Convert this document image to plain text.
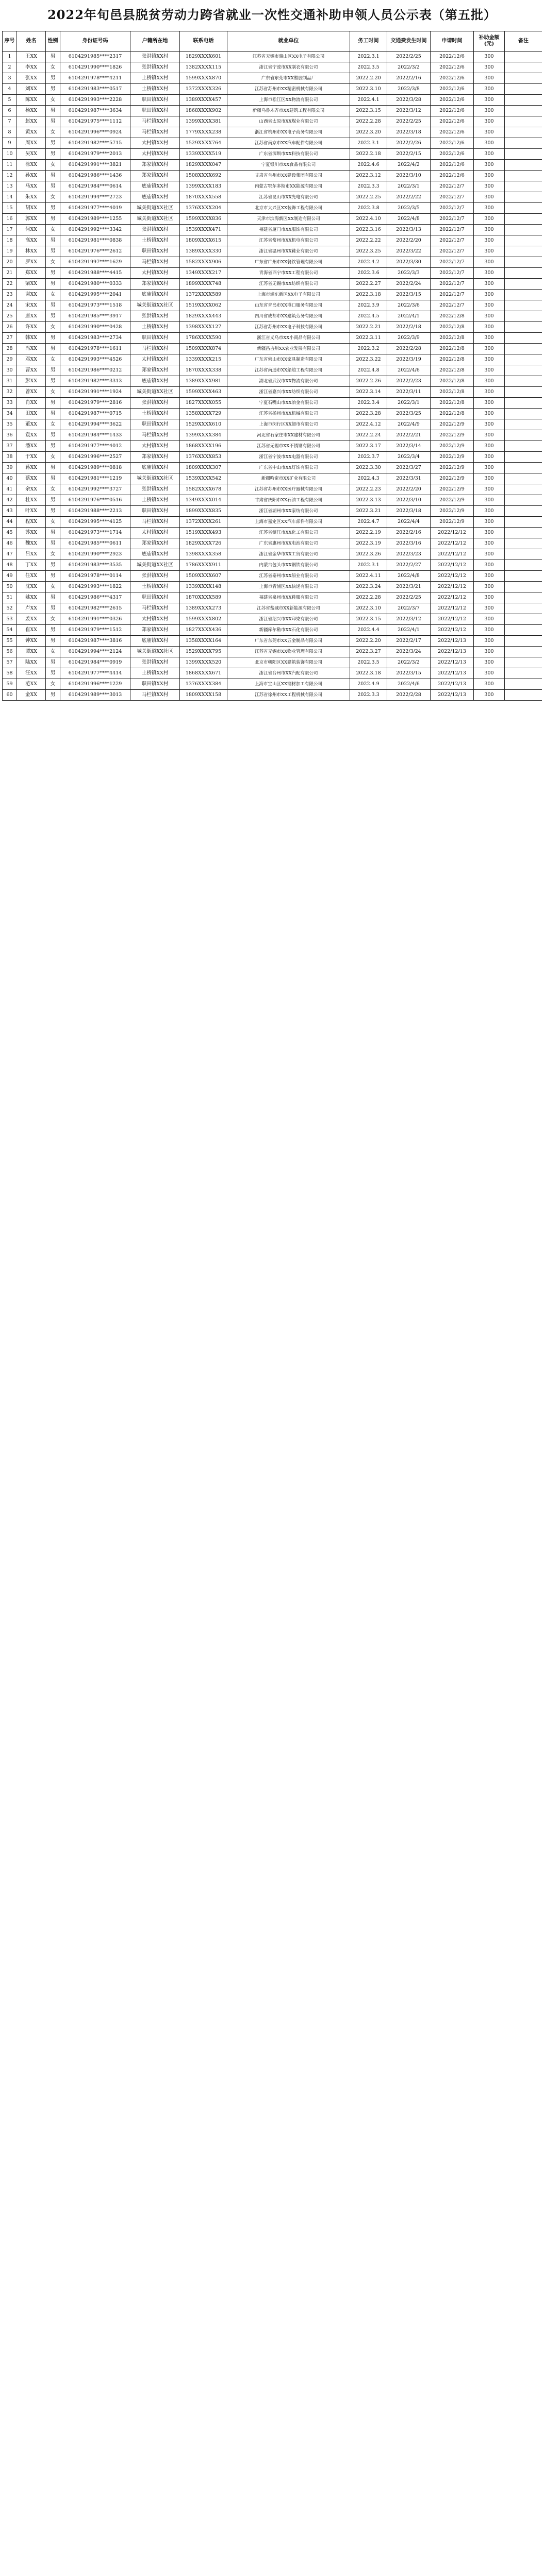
2022年旬邑县脱贫劳动力跨省就业一次性交通补助申领人员公示表（第五批）
序号	姓名	性别	身份证号码	户籍所在地	联系电话	就业单位	务工时间	交通费发生时间	申请时间	补助金额(元)	备注
1	王XX	男	6104291985****2317	张洪镇XX村	1829XXXX601	江苏省无锡市惠山区XX电子有限公司	2022.3.1	2022/2/25	2022/12/6	300	
2	李XX	女	6104291990****1826	张洪镇XX村	1382XXXX115	浙江省宁波市XX制衣有限公司	2022.3.5	2022/3/2	2022/12/6	300	
3	张XX	男	6104291978****4211	土桥镇XX村	1599XXXX870	广东省东莞市XX塑胶制品厂	2022.2.20	2022/2/16	2022/12/6	300	
4	刘XX	男	6104291983****0517	土桥镇XX村	1372XXXX326	江苏省苏州市XX精密机械有限公司	2022.3.10	2022/3/8	2022/12/6	300	
5	陈XX	女	6104291993****2228	职田镇XX村	1389XXXX457	上海市松江区XX物流有限公司	2022.4.1	2022/3/28	2022/12/6	300	
6	杨XX	男	6104291987****3634	职田镇XX村	1868XXXX902	新疆乌鲁木齐市XX建筑工程有限公司	2022.3.15	2022/3/12	2022/12/6	300	
7	赵XX	男	6104291975****1112	马栏镇XX村	1399XXXX381	山西省太原市XX煤业有限公司	2022.2.28	2022/2/25	2022/12/6	300	
8	黄XX	女	6104291996****0924	马栏镇XX村	1779XXXX238	浙江省杭州市XX电子商务有限公司	2022.3.20	2022/3/18	2022/12/6	300	
9	周XX	男	6104291982****5715	太村镇XX村	1529XXXX764	江苏省南京市XX汽车配件有限公司	2022.3.1	2022/2/26	2022/12/6	300	
10	吴XX	男	6104291979****2013	太村镇XX村	1339XXXX519	广东省深圳市XX科技有限公司	2022.2.18	2022/2/15	2022/12/6	300	
11	徐XX	女	6104291991****3821	郑家镇XX村	1829XXXX047	宁夏银川市XX食品有限公司	2022.4.6	2022/4/2	2022/12/6	300	
12	孙XX	男	6104291986****1436	郑家镇XX村	1508XXXX692	甘肃省兰州市XX建设集团有限公司	2022.3.12	2022/3/10	2022/12/6	300	
13	马XX	男	6104291984****0614	底庙镇XX村	1399XXXX183	内蒙古鄂尔多斯市XX能源有限公司	2022.3.3	2022/3/1	2022/12/7	300	
14	朱XX	女	6104291994****2723	底庙镇XX村	1870XXXX558	江苏省昆山市XX光电有限公司	2022.2.25	2022/2/22	2022/12/7	300	
15	胡XX	男	6104291977****4019	城关街道XX社区	1376XXXX204	北京市大兴区XX装饰工程有限公司	2022.3.8	2022/3/5	2022/12/7	300	
16	郭XX	男	6104291989****1255	城关街道XX社区	1599XXXX836	天津市滨海新区XX制造有限公司	2022.4.10	2022/4/8	2022/12/7	300	
17	何XX	女	6104291992****3342	张洪镇XX村	1539XXXX471	福建省厦门市XX服饰有限公司	2022.3.16	2022/3/13	2022/12/7	300	
18	高XX	男	6104291981****0838	土桥镇XX村	1809XXXX615	江苏省常州市XX机电有限公司	2022.2.22	2022/2/20	2022/12/7	300	
19	林XX	男	6104291976****2612	职田镇XX村	1389XXXX330	浙江省温州市XX鞋业有限公司	2022.3.25	2022/3/22	2022/12/7	300	
20	罗XX	女	6104291997****1629	马栏镇XX村	1582XXXX906	广东省广州市XX餐饮管理有限公司	2022.4.2	2022/3/30	2022/12/7	300	
21	郑XX	男	6104291988****4415	太村镇XX村	1349XXXX217	青海省西宁市XX工程有限公司	2022.3.6	2022/3/3	2022/12/7	300	
22	梁XX	男	6104291980****0333	郑家镇XX村	1899XXXX748	江苏省无锡市XX纺织有限公司	2022.2.27	2022/2/24	2022/12/7	300	
23	谢XX	女	6104291995****2041	底庙镇XX村	1372XXXX589	上海市浦东新区XX电子有限公司	2022.3.18	2022/3/15	2022/12/7	300	
24	宋XX	男	6104291973****1518	城关街道XX社区	1519XXXX062	山东省青岛市XX港口服务有限公司	2022.3.9	2022/3/6	2022/12/7	300	
25	唐XX	男	6104291985****3917	张洪镇XX村	1829XXXX443	四川省成都市XX建筑劳务有限公司	2022.4.5	2022/4/1	2022/12/8	300	
26	许XX	女	6104291990****0428	土桥镇XX村	1398XXXX127	江苏省苏州市XX电子科技有限公司	2022.2.21	2022/2/18	2022/12/8	300	
27	韩XX	男	6104291983****2734	职田镇XX村	1786XXXX590	浙江省义乌市XX小商品有限公司	2022.3.11	2022/3/9	2022/12/8	300	
28	冯XX	男	6104291978****1611	马栏镇XX村	1509XXXX874	新疆昌吉州XX农业发展有限公司	2022.3.2	2022/2/28	2022/12/8	300	
29	邓XX	女	6104291993****4526	太村镇XX村	1339XXXX215	广东省佛山市XX家具制造有限公司	2022.3.22	2022/3/19	2022/12/8	300	
30	曹XX	男	6104291986****0212	郑家镇XX村	1870XXXX338	江苏省南通市XX船舶工程有限公司	2022.4.8	2022/4/6	2022/12/8	300	
31	彭XX	男	6104291982****3313	底庙镇XX村	1389XXXX981	湖北省武汉市XX物流有限公司	2022.2.26	2022/2/23	2022/12/8	300	
32	曾XX	女	6104291991****1924	城关街道XX社区	1599XXXX463	浙江省嘉兴市XX纺织有限公司	2022.3.14	2022/3/11	2022/12/8	300	
33	肖XX	男	6104291979****2816	张洪镇XX村	1827XXXX055	宁夏石嘴山市XX冶金有限公司	2022.3.4	2022/3/1	2022/12/8	300	
34	田XX	男	6104291987****0715	土桥镇XX村	1358XXXX729	江苏省扬州市XX机械有限公司	2022.3.28	2022/3/25	2022/12/8	300	
35	董XX	女	6104291994****3622	职田镇XX村	1529XXXX610	上海市闵行区XX超市有限公司	2022.4.12	2022/4/9	2022/12/9	300	
36	袁XX	男	6104291984****1433	马栏镇XX村	1399XXXX384	河北省石家庄市XX建材有限公司	2022.2.24	2022/2/21	2022/12/9	300	
37	潘XX	男	6104291977****4012	太村镇XX村	1868XXXX196	江苏省无锡市XX不锈钢有限公司	2022.3.17	2022/3/14	2022/12/9	300	
38	于XX	女	6104291996****2527	郑家镇XX村	1376XXXX853	浙江省宁波市XX电器有限公司	2022.3.7	2022/3/4	2022/12/9	300	
39	蒋XX	男	6104291989****0818	底庙镇XX村	1809XXXX307	广东省中山市XX灯饰有限公司	2022.3.30	2022/3/27	2022/12/9	300	
40	蔡XX	男	6104291981****1219	城关街道XX社区	1539XXXX542	新疆哈密市XX矿业有限公司	2022.4.3	2022/3/31	2022/12/9	300	
41	余XX	女	6104291992****3727	张洪镇XX村	1582XXXX678	江苏省苏州市XX医疗器械有限公司	2022.2.23	2022/2/20	2022/12/9	300	
42	杜XX	男	6104291976****0516	土桥镇XX村	1349XXXX014	甘肃省庆阳市XX石油工程有限公司	2022.3.13	2022/3/10	2022/12/9	300	
43	叶XX	男	6104291988****2213	职田镇XX村	1899XXXX835	浙江省湖州市XX家纺有限公司	2022.3.21	2022/3/18	2022/12/9	300	
44	程XX	女	6104291995****4125	马栏镇XX村	1372XXXX261	上海市嘉定区XX汽车部件有限公司	2022.4.7	2022/4/4	2022/12/9	300	
45	苏XX	男	6104291973****1714	太村镇XX村	1519XXXX493	江苏省镇江市XX化工有限公司	2022.2.19	2022/2/16	2022/12/12	300	
46	魏XX	男	6104291985****0611	郑家镇XX村	1829XXXX726	广东省惠州市XX电池有限公司	2022.3.19	2022/3/16	2022/12/12	300	
47	吕XX	女	6104291990****2923	底庙镇XX村	1398XXXX358	浙江省金华市XX工贸有限公司	2022.3.26	2022/3/23	2022/12/12	300	
48	丁XX	男	6104291983****3535	城关街道XX社区	1786XXXX911	内蒙古包头市XX钢铁有限公司	2022.3.1	2022/2/27	2022/12/12	300	
49	任XX	男	6104291978****0114	张洪镇XX村	1509XXXX607	江苏省泰州市XX船业有限公司	2022.4.11	2022/4/8	2022/12/12	300	
50	沈XX	女	6104291993****1822	土桥镇XX村	1339XXXX148	上海市青浦区XX快递有限公司	2022.3.24	2022/3/21	2022/12/12	300	
51	姚XX	男	6104291986****4317	职田镇XX村	1870XXXX589	福建省泉州市XX鞋服有限公司	2022.2.28	2022/2/25	2022/12/12	300	
52	卢XX	男	6104291982****2615	马栏镇XX村	1389XXXX273	江苏省盐城市XX新能源有限公司	2022.3.10	2022/3/7	2022/12/12	300	
53	姜XX	女	6104291991****0326	太村镇XX村	1599XXXX802	浙江省绍兴市XX印染有限公司	2022.3.15	2022/3/12	2022/12/12	300	
54	崔XX	男	6104291979****1512	郑家镇XX村	1827XXXX436	新疆库尔勒市XX石化有限公司	2022.4.4	2022/4/1	2022/12/12	300	
55	钟XX	男	6104291987****3816	底庙镇XX村	1358XXXX164	广东省东莞市XX五金制品有限公司	2022.2.20	2022/2/17	2022/12/13	300	
56	谭XX	女	6104291994****2124	城关街道XX社区	1529XXXX795	江苏省无锡市XX物业管理有限公司	2022.3.27	2022/3/24	2022/12/13	300	
57	陆XX	男	6104291984****0919	张洪镇XX村	1399XXXX520	北京市朝阳区XX建筑装饰有限公司	2022.3.5	2022/3/2	2022/12/13	300	
58	汪XX	男	6104291977****4414	土桥镇XX村	1868XXXX671	浙江省台州市XX汽配有限公司	2022.3.18	2022/3/15	2022/12/13	300	
59	范XX	女	6104291996****1229	职田镇XX村	1376XXXX384	上海市宝山区XX钢材加工有限公司	2022.4.9	2022/4/6	2022/12/13	300	
60	金XX	男	6104291989****3013	马栏镇XX村	1809XXXX158	江苏省徐州市XX工程机械有限公司	2022.3.3	2022/2/28	2022/12/13	300	
